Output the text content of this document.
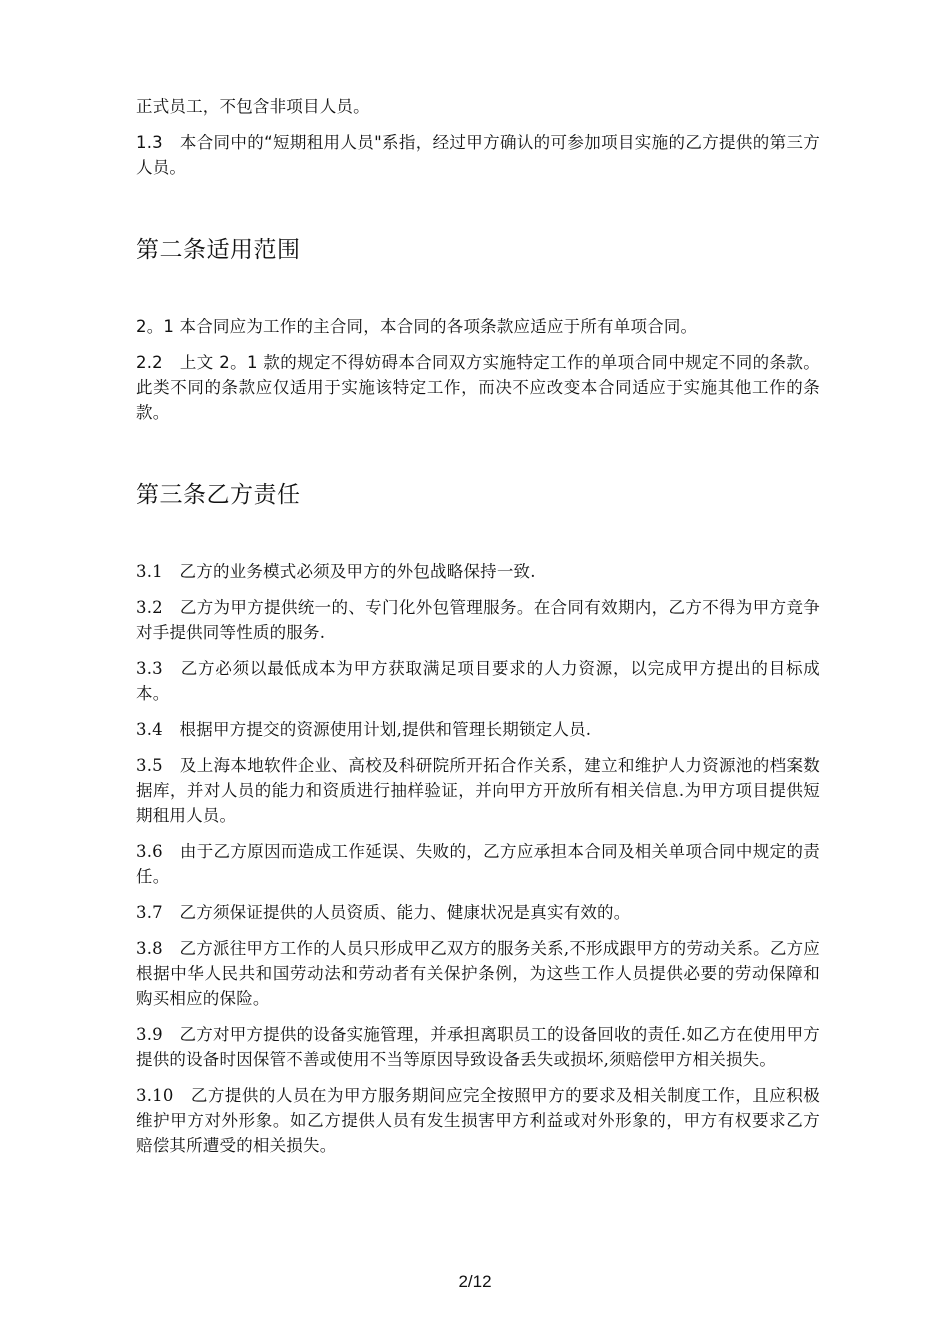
正式员工，不包含非项目人员。

1.3　本合同中的“短期租用人员"系指，经过甲方确认的可参加项目实施的乙方提供的第三方人员。

第二条适用范围

2。1 本合同应为工作的主合同，本合同的各项条款应适应于所有单项合同。

2.2　上文 2。1 款的规定不得妨碍本合同双方实施特定工作的单项合同中规定不同的条款。此类不同的条款应仅适用于实施该特定工作，而决不应改变本合同适应于实施其他工作的条款。

第三条乙方责任

3.1　乙方的业务模式必须及甲方的外包战略保持一致.

3.2　乙方为甲方提供统一的、专门化外包管理服务。在合同有效期内，乙方不得为甲方竞争对手提供同等性质的服务.

3.3　乙方必须以最低成本为甲方获取满足项目要求的人力资源，以完成甲方提出的目标成本。

3.4　根据甲方提交的资源使用计划,提供和管理长期锁定人员.

3.5　及上海本地软件企业、高校及科研院所开拓合作关系，建立和维护人力资源池的档案数据库，并对人员的能力和资质进行抽样验证，并向甲方开放所有相关信息.为甲方项目提供短期租用人员。

3.6　由于乙方原因而造成工作延误、失败的，乙方应承担本合同及相关单项合同中规定的责任。

3.7　乙方须保证提供的人员资质、能力、健康状况是真实有效的。

3.8　乙方派往甲方工作的人员只形成甲乙双方的服务关系,不形成跟甲方的劳动关系。乙方应根据中华人民共和国劳动法和劳动者有关保护条例，为这些工作人员提供必要的劳动保障和购买相应的保险。

3.9　乙方对甲方提供的设备实施管理，并承担离职员工的设备回收的责任.如乙方在使用甲方提供的设备时因保管不善或使用不当等原因导致设备丢失或损坏,须赔偿甲方相关损失。

3.10　乙方提供的人员在为甲方服务期间应完全按照甲方的要求及相关制度工作，且应积极维护甲方对外形象。如乙方提供人员有发生损害甲方利益或对外形象的，甲方有权要求乙方赔偿其所遭受的相关损失。

2/12
